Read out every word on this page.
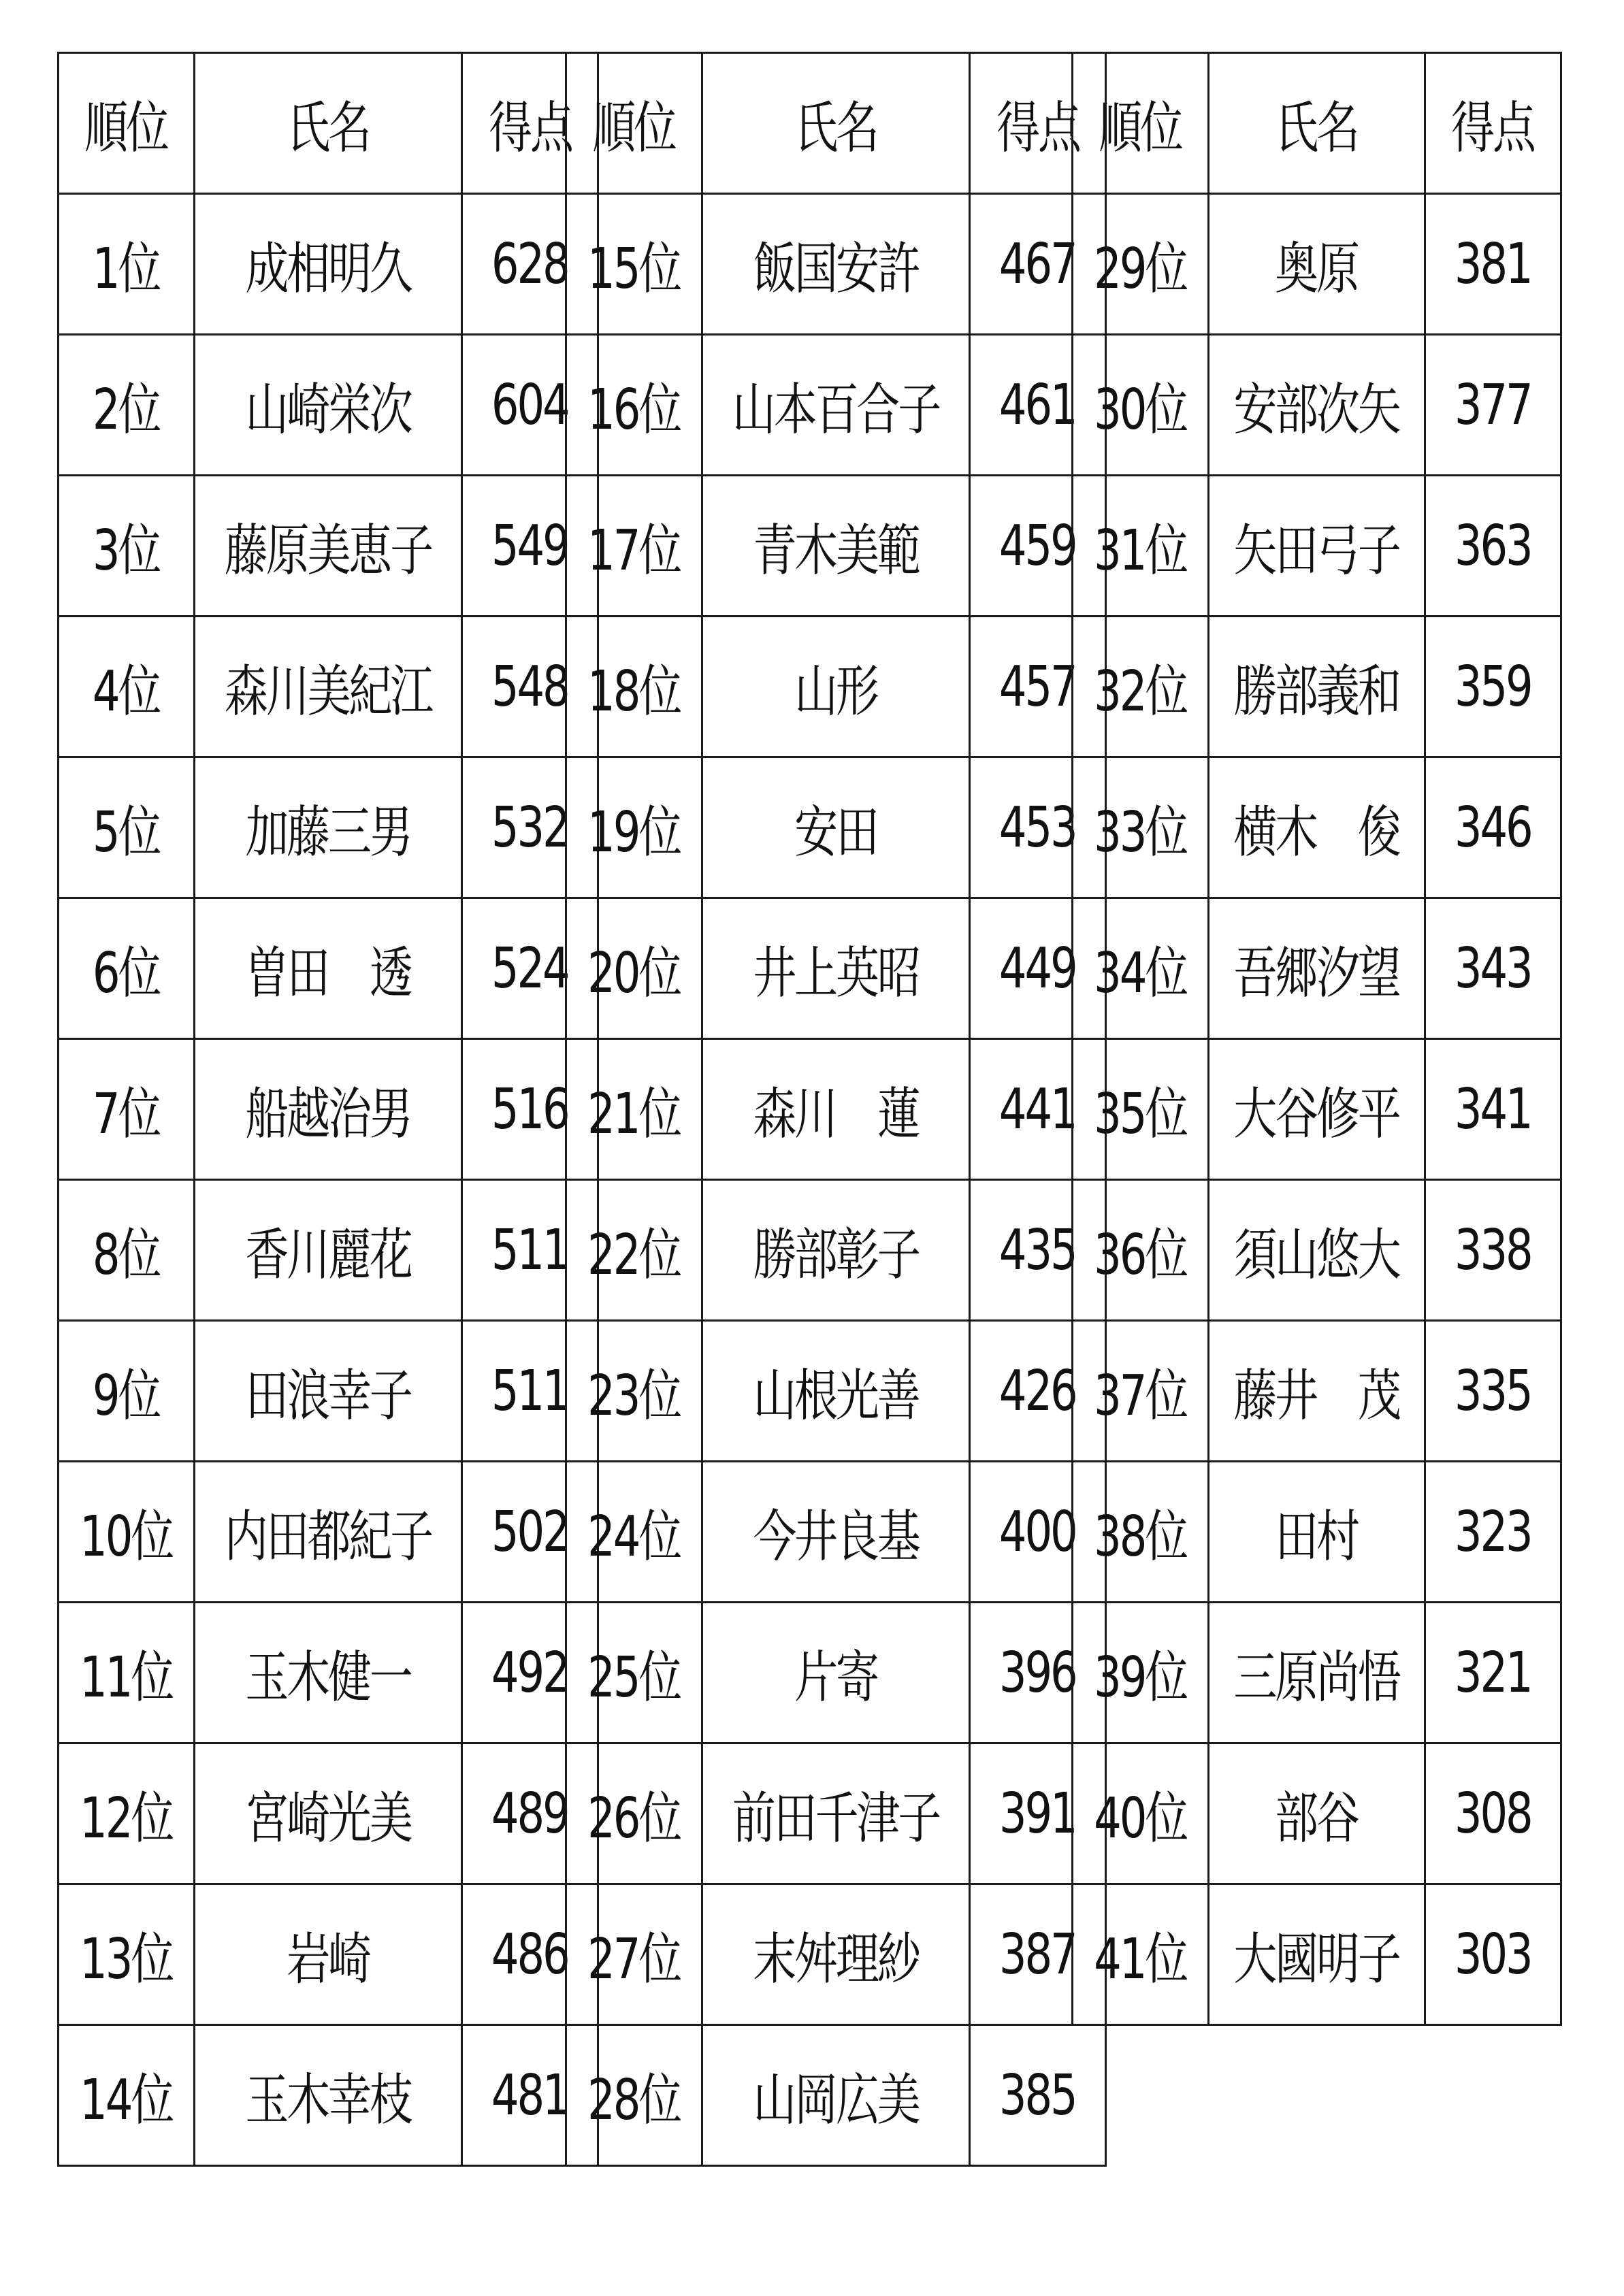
順位	氏名	得点
1位	成相明久	628
2位	山崎栄次	604
3位	藤原美恵子	549
4位	森川美紀江	548
5位	加藤三男	532
6位	曽田　透	524
7位	船越治男	516
8位	香川麗花	511
9位	田浪幸子	511
10位	内田都紀子	502
11位	玉木健一	492
12位	宮崎光美	489
13位	岩崎	486
14位	玉木幸枝	481
順位	氏名	得点
15位	飯国安許	467
16位	山本百合子	461
17位	青木美範	459
18位	山形	457
19位	安田	453
20位	井上英昭	449
21位	森川　蓮	441
22位	勝部彰子	435
23位	山根光善	426
24位	今井良基	400
25位	片寄	396
26位	前田千津子	391
27位	末舛理紗	387
28位	山岡広美	385
順位	氏名	得点
29位	奥原	381
30位	安部次矢	377
31位	矢田弓子	363
32位	勝部義和	359
33位	横木　俊	346
34位	吾郷汐望	343
35位	大谷修平	341
36位	須山悠大	338
37位	藤井　茂	335
38位	田村	323
39位	三原尚悟	321
40位	部谷	308
41位	大國明子	303
